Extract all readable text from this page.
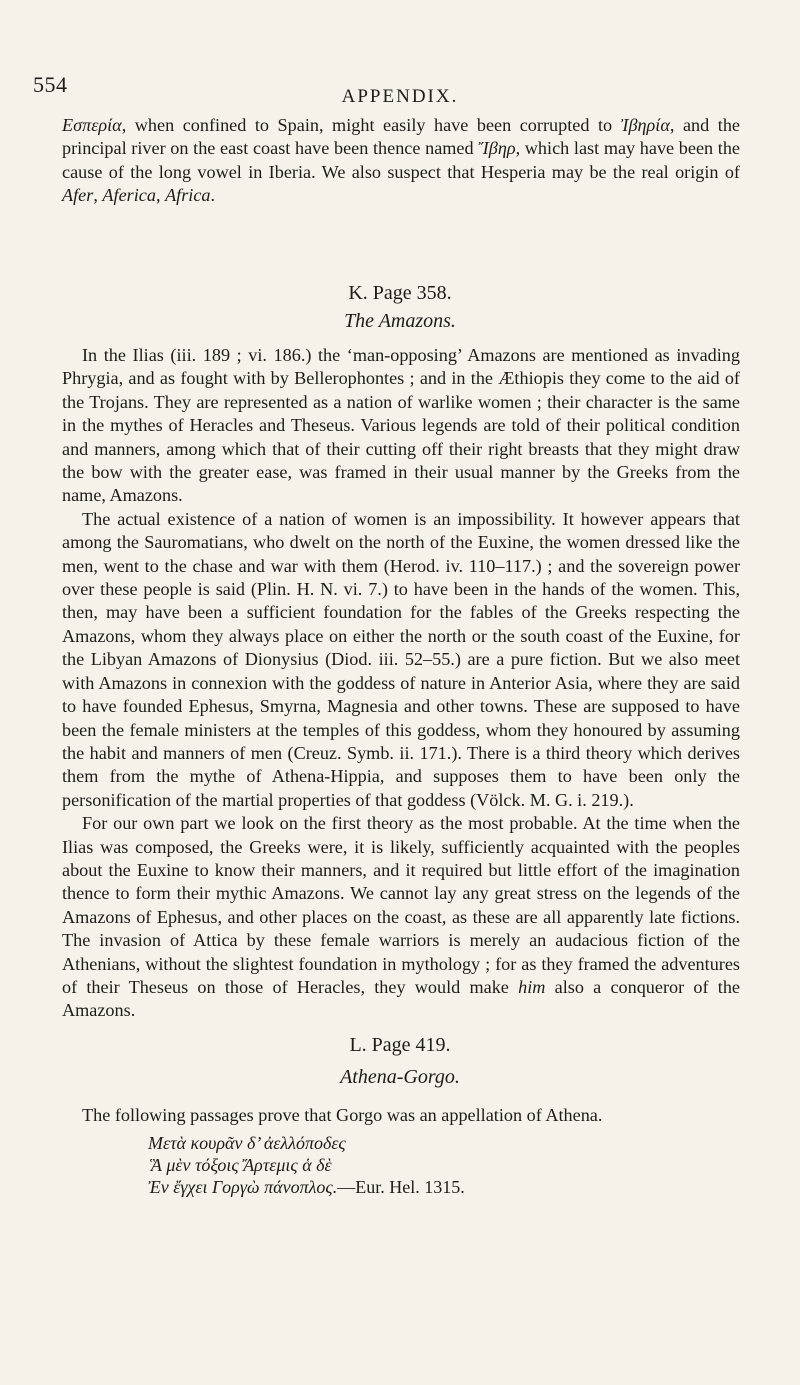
554	APPENDIX.

Εσπερία, when confined to Spain, might easily have been corrupted to Ἰβηρία, and the principal river on the east coast have been thence named Ἴβηρ, which last may have been the cause of the long vowel in Iberia. We also suspect that Hesperia may be the real origin of Afer, Aferica, Africa.

K. Page 358.
The Amazons.

In the Ilias (iii. 189 ; vi. 186.) the ‘man-opposing’ Amazons are mentioned as invading Phrygia, and as fought with by Bellerophontes ; and in the Æthiopis they come to the aid of the Trojans. They are represented as a nation of warlike women ; their character is the same in the mythes of Heracles and Theseus. Various legends are told of their political condition and manners, among which that of their cutting off their right breasts that they might draw the bow with the greater ease, was framed in their usual manner by the Greeks from the name, Amazons.

The actual existence of a nation of women is an impossibility. It however appears that among the Sauromatians, who dwelt on the north of the Euxine, the women dressed like the men, went to the chase and war with them (Herod. iv. 110–117.) ; and the sovereign power over these people is said (Plin. H. N. vi. 7.) to have been in the hands of the women. This, then, may have been a sufficient foundation for the fables of the Greeks respecting the Amazons, whom they always place on either the north or the south coast of the Euxine, for the Libyan Amazons of Dionysius (Diod. iii. 52–55.) are a pure fiction. But we also meet with Amazons in connexion with the goddess of nature in Anterior Asia, where they are said to have founded Ephesus, Smyrna, Magnesia and other towns. These are supposed to have been the female ministers at the temples of this goddess, whom they honoured by assuming the habit and manners of men (Creuz. Symb. ii. 171.). There is a third theory which derives them from the mythe of Athena-Hippia, and supposes them to have been only the personification of the martial properties of that goddess (Völck. M. G. i. 219.).

For our own part we look on the first theory as the most probable. At the time when the Ilias was composed, the Greeks were, it is likely, sufficiently acquainted with the peoples about the Euxine to know their manners, and it required but little effort of the imagination thence to form their mythic Amazons. We cannot lay any great stress on the legends of the Amazons of Ephesus, and other places on the coast, as these are all apparently late fictions. The invasion of Attica by these female warriors is merely an audacious fiction of the Athenians, without the slightest foundation in mythology ; for as they framed the adventures of their Theseus on those of Heracles, they would make him also a conqueror of the Amazons.

L. Page 419.
Athena-Gorgo.

The following passages prove that Gorgo was an appellation of Athena.

Μετὰ κουρᾶν δ’ ἀελλόποδες
Ἃ μὲν τόξοις Ἄρτεμις ἁ δὲ
Ἐν ἔγχει Γοργὼ πάνοπλος.—Eur. Hel. 1315.
